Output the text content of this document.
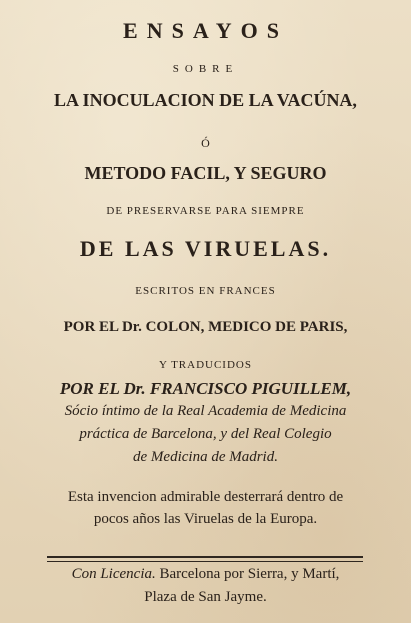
ENSAYOS
SOBRE
LA INOCULACION DE LA VACÚNA,
Ó
METODO FACIL, Y SEGURO
DE PRESERVARSE PARA SIEMPRE
DE LAS VIRUELAS.
ESCRITOS EN FRANCES
POR EL Dr. COLON, MEDICO DE PARIS,
Y TRADUCIDOS
POR EL Dr. FRANCISCO PIGUILLEM,
Sócio íntimo de la Real Academia de Medicina
práctica de Barcelona, y del Real Colegio
de Medicina de Madrid.
Esta invencion admirable desterrará dentro de
pocos años las Viruelas de la Europa.
Con Licencia. Barcelona por Sierra, y Martí,
Plaza de San Jayme.
